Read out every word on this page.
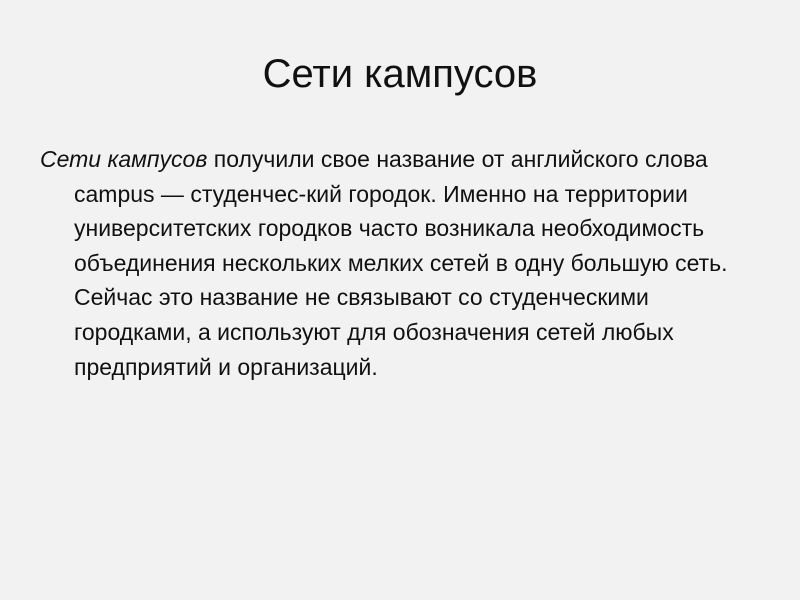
Сети кампусов

Сети кампусов получили свое название от английского слова campus — студенчес-кий городок. Именно на территории университетских городков часто возникала необходимость объединения нескольких мелких сетей в одну большую сеть. Сейчас это название не связывают со студенческими городками, а используют для обозначения сетей любых предприятий и организаций.
